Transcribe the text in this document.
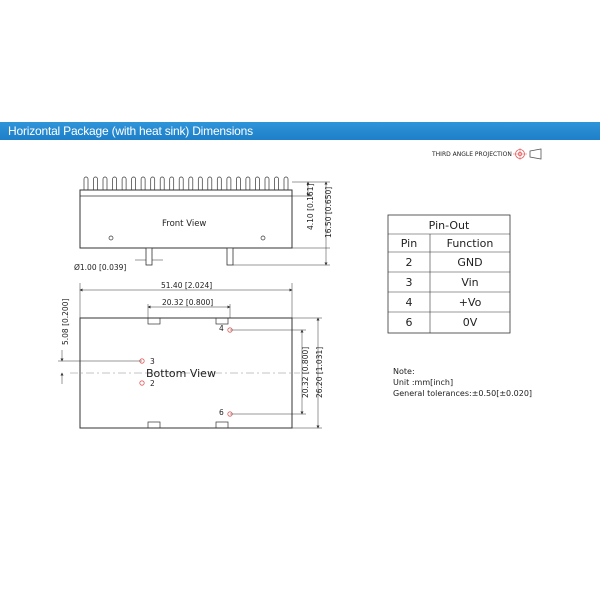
Horizontal Package (with heat sink) Dimensions
THIRD ANGLE PROJECTION
Front View	4.10 [0.161] 16.50 [0.650]
Ø1.00 [0.039]
51.40 [2.024]
20.32 [0.800]
3
2
4
6
Bottom View
5.08 [0.200]
20.32 [0.800] 26.20 [1.031]
Pin-Out
Pin	Function
2	GND
3	Vin
4	+Vo
6	0V
Note:
Unit :mm[inch]
General tolerances:±0.50[±0.020]
